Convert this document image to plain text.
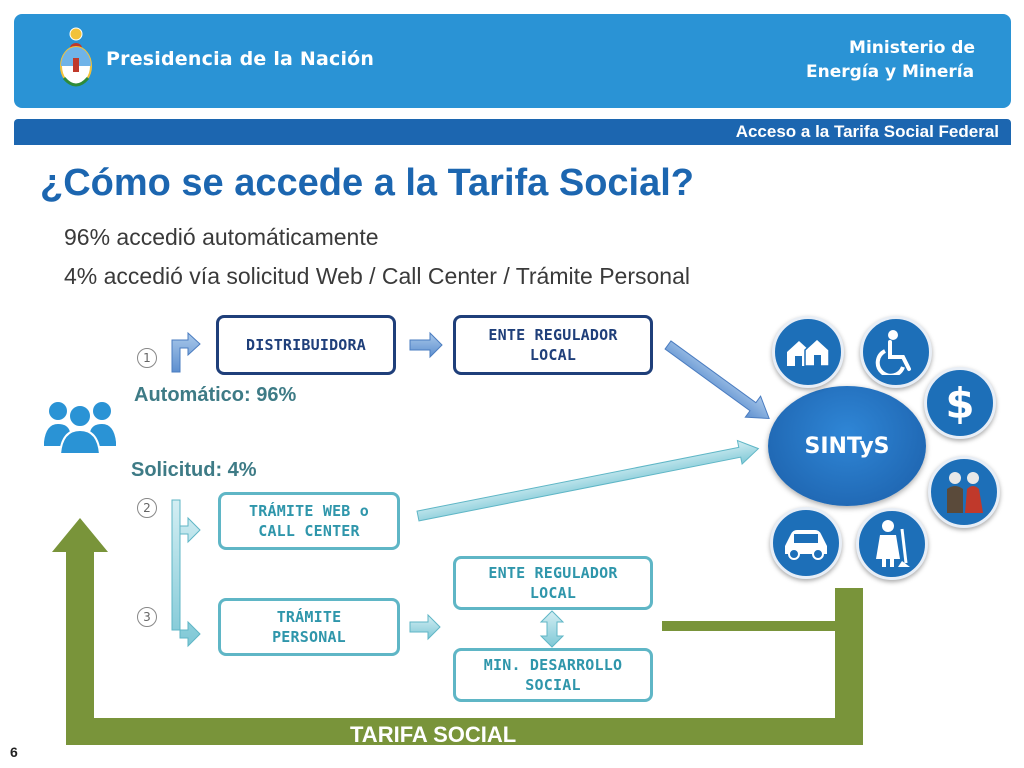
Presidencia de la Nación	Ministerio de
Energía y Minería
Acceso a la Tarifa Social Federal
¿Cómo se accede a la Tarifa Social?
96% accedió automáticamente
4% accedió vía solicitud Web / Call Center / Trámite Personal
1
2
3
Automático: 96%
Solicitud: 4%
DISTRIBUIDORA
ENTE REGULADOR
LOCAL
TRÁMITE WEB o
CALL CENTER
TRÁMITE
PERSONAL
ENTE REGULADOR
LOCAL
MIN. DESARROLLO
SOCIAL
SINTyS
$
TARIFA SOCIAL
6
